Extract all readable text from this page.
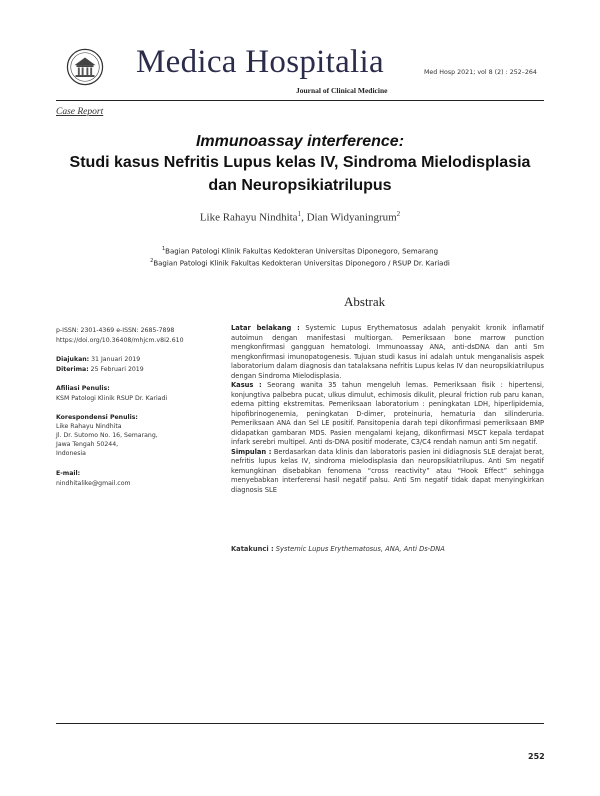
Medica Hospitalia
Journal of Clinical Medicine
Med Hosp 2021; vol 8 (2) : 252–264
Case Report
Immunoassay interference:
Studi kasus Nefritis Lupus kelas IV, Sindroma Mielodisplasia
dan Neuropsikiatrilupus
Like Rahayu Nindhita$^1$, Dian Widyaningrum$^2$
$^1$Bagian Patologi Klinik Fakultas Kedokteran Universitas Diponegoro, Semarang
$^2$Bagian Patologi Klinik Fakultas Kedokteran Universitas Diponegoro / RSUP Dr. Kariadi
Abstrak
p-ISSN: 2301-4369 e-ISSN: 2685-7898
https://doi.org/10.36408/mhjcm.v8i2.610
Diajukan: 31 Januari 2019
Diterima: 25 Februari 2019
Afiliasi Penulis:
KSM Patologi Klinik RSUP Dr. Kariadi
Korespondensi Penulis:
Like Rahayu Nindhita
Jl. Dr. Sutomo No. 16, Semarang,
Jawa Tengah 50244,
Indonesia
E-mail:
nindhitalike@gmail.com

Latar belakang : Systemic Lupus Erythematosus adalah penyakit kronik inflamatif autoimun dengan manifestasi multiorgan. Pemeriksaan bone marrow punction mengkonfirmasi gangguan hematologi. Immunoassay ANA, anti-dsDNA dan anti Sm mengkonfirmasi imunopatogenesis. Tujuan studi kasus ini adalah untuk menganalisis aspek laboratorium dalam diagnosis dan tatalaksana nefritis Lupus kelas IV dan neuropsikiatrilupus dengan Sindroma Mielodisplasia.

Kasus : Seorang wanita 35 tahun mengeluh lemas. Pemeriksaan fisik : hipertensi, konjungtiva palbebra pucat, ulkus dimulut, echimosis dikulit, pleural friction rub paru kanan, edema pitting ekstremitas. Pemeriksaan laboratorium : peningkatan LDH, hiperlipidemia, hipofibrinogenemia, peningkatan D-dimer, proteinuria, hematuria dan silinderuria. Pemeriksaan ANA dan Sel LE positif. Pansitopenia darah tepi dikonfirmasi pemeriksaan BMP didapatkan gambaran MDS. Pasien mengalami kejang, dikonfirmasi MSCT kepala terdapat infark serebri multipel. Anti ds-DNA positif moderate, C3/C4 rendah namun anti Sm negatif.

Simpulan : Berdasarkan data klinis dan laboratoris pasien ini didiagnosis SLE derajat berat, nefritis lupus kelas IV, sindroma mielodisplasia dan neuropsikiatrilupus. Anti Sm negatif kemungkinan disebabkan fenomena “cross reactivity” atau “Hook Effect” sehingga menyebabkan interferensi hasil negatif palsu. Anti Sm negatif tidak dapat menyingkirkan diagnosis SLE

Katakunci : Systemic Lupus Erythematosus, ANA, Anti Ds-DNA
252
